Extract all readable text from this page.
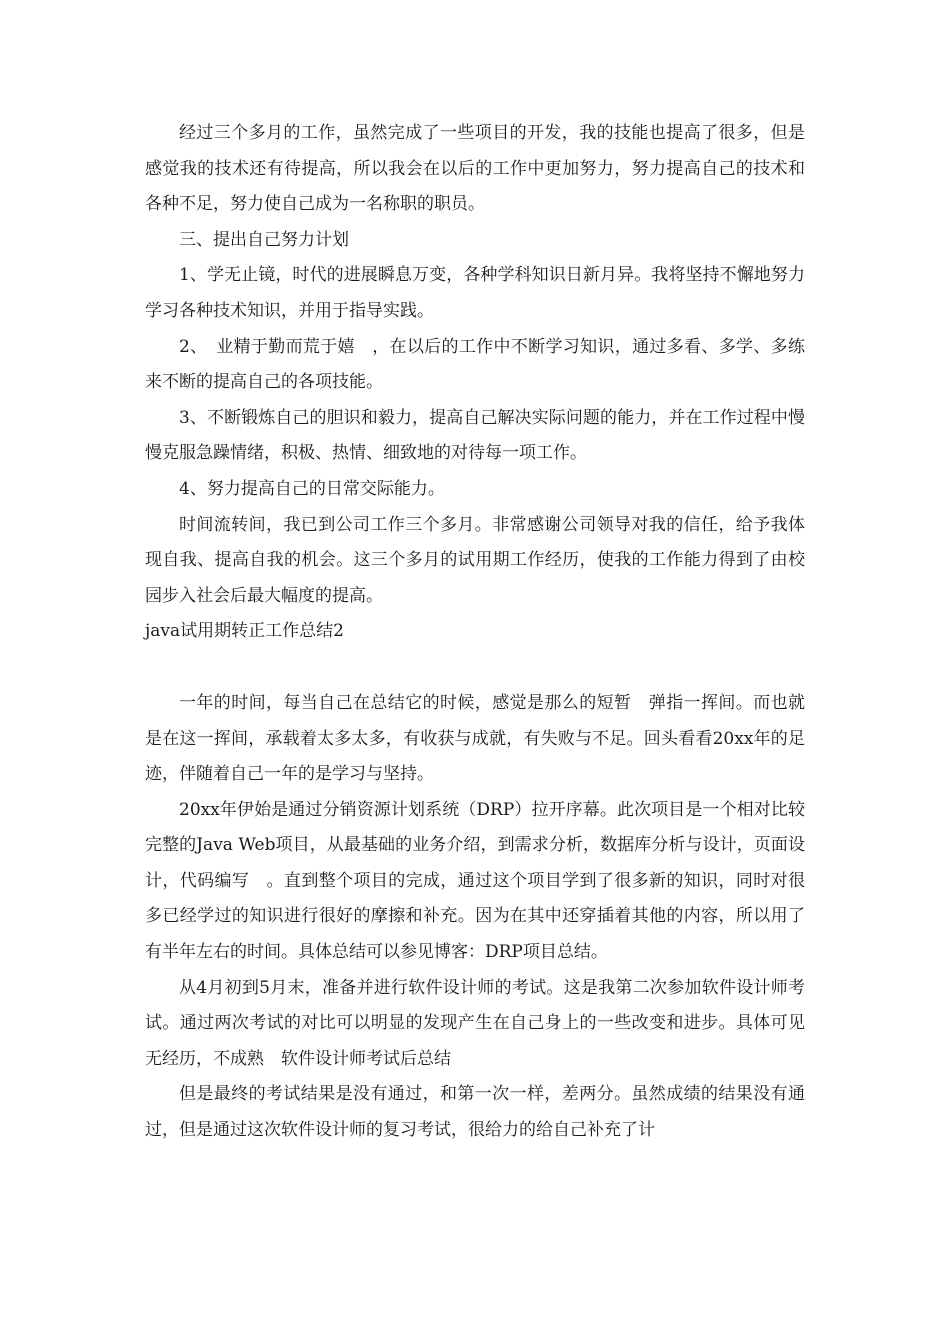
经过三个多月的工作，虽然完成了一些项目的开发，我的技能也提高了很多，但是感觉我的技术还有待提高，所以我会在以后的工作中更加努力，努力提高自己的技术和各种不足，努力使自己成为一名称职的职员。

三、提出自己努力计划

1、学无止镜，时代的进展瞬息万变，各种学科知识日新月异。我将坚持不懈地努力学习各种技术知识，并用于指导实践。

2、　业精于勤而荒于嬉　，在以后的工作中不断学习知识，通过多看、多学、多练来不断的提高自己的各项技能。

3、不断锻炼自己的胆识和毅力，提高自己解决实际问题的能力，并在工作过程中慢慢克服急躁情绪，积极、热情、细致地的对待每一项工作。

4、努力提高自己的日常交际能力。

时间流转间，我已到公司工作三个多月。非常感谢公司领导对我的信任，给予我体现自我、提高自我的机会。这三个多月的试用期工作经历，使我的工作能力得到了由校园步入社会后最大幅度的提高。

java试用期转正工作总结2

一年的时间，每当自己在总结它的时候，感觉是那么的短暂　弹指一挥间。而也就是在这一挥间，承载着太多太多，有收获与成就，有失败与不足。回头看看20xx年的足迹，伴随着自己一年的是学习与坚持。

20xx年伊始是通过分销资源计划系统（DRP）拉开序幕。此次项目是一个相对比较完整的Java Web项目，从最基础的业务介绍，到需求分析，数据库分析与设计，页面设计，代码编写　。直到整个项目的完成，通过这个项目学到了很多新的知识，同时对很多已经学过的知识进行很好的摩擦和补充。因为在其中还穿插着其他的内容，所以用了有半年左右的时间。具体总结可以参见博客：DRP项目总结。

从4月初到5月末，准备并进行软件设计师的考试。这是我第二次参加软件设计师考试。通过两次考试的对比可以明显的发现产生在自己身上的一些改变和进步。具体可见无经历，不成熟　软件设计师考试后总结

但是最终的考试结果是没有通过，和第一次一样，差两分。虽然成绩的结果没有通过，但是通过这次软件设计师的复习考试，很给力的给自己补充了计
